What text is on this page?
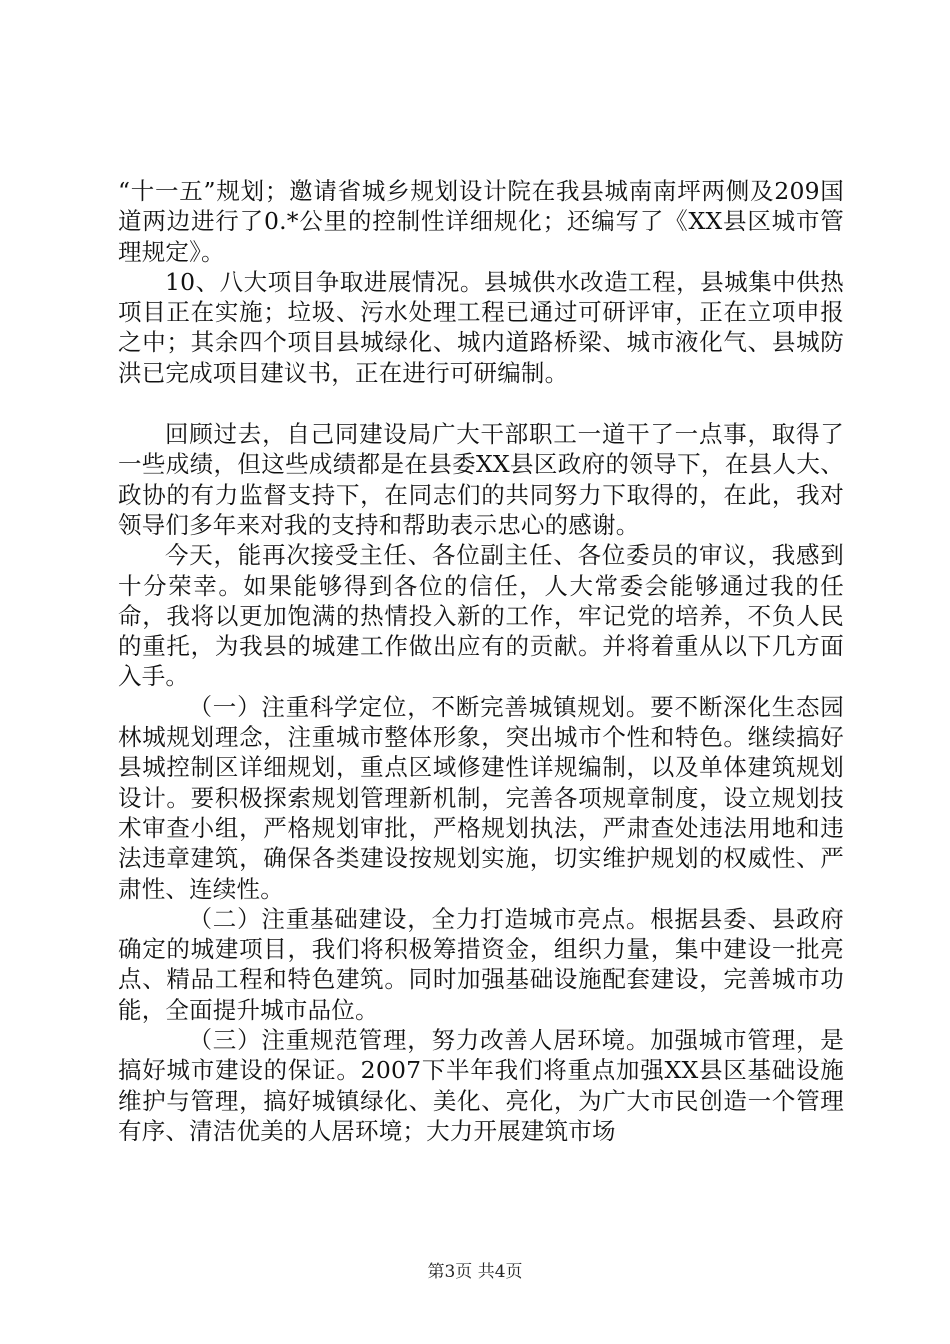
“十一五”规划；邀请省城乡规划设计院在我县城南南坪两侧及209国道两边进行了0.*公里的控制性详细规化；还编写了《XX县区城市管理规定》。

10、八大项目争取进展情况。县城供水改造工程，县城集中供热项目正在实施；垃圾、污水处理工程已通过可研评审，正在立项申报之中；其余四个项目县城绿化、城内道路桥梁、城市液化气、县城防洪已完成项目建议书，正在进行可研编制。

回顾过去，自己同建设局广大干部职工一道干了一点事，取得了一些成绩，但这些成绩都是在县委XX县区政府的领导下，在县人大、政协的有力监督支持下，在同志们的共同努力下取得的，在此，我对领导们多年来对我的支持和帮助表示忠心的感谢。

今天，能再次接受主任、各位副主任、各位委员的审议，我感到十分荣幸。如果能够得到各位的信任，人大常委会能够通过我的任命，我将以更加饱满的热情投入新的工作，牢记党的培养，不负人民的重托，为我县的城建工作做出应有的贡献。并将着重从以下几方面入手。

（一）注重科学定位，不断完善城镇规划。要不断深化生态园林城规划理念，注重城市整体形象，突出城市个性和特色。继续搞好县城控制区详细规划，重点区域修建性详规编制，以及单体建筑规划设计。要积极探索规划管理新机制，完善各项规章制度，设立规划技术审查小组，严格规划审批，严格规划执法，严肃查处违法用地和违法违章建筑，确保各类建设按规划实施，切实维护规划的权威性、严肃性、连续性。

（二）注重基础建设，全力打造城市亮点。根据县委、县政府确定的城建项目，我们将积极筹措资金，组织力量，集中建设一批亮点、精品工程和特色建筑。同时加强基础设施配套建设，完善城市功能，全面提升城市品位。

（三）注重规范管理，努力改善人居环境。加强城市管理，是搞好城市建设的保证。2007下半年我们将重点加强XX县区基础设施维护与管理，搞好城镇绿化、美化、亮化，为广大市民创造一个管理有序、清洁优美的人居环境；大力开展建筑市场

第3页 共4页
